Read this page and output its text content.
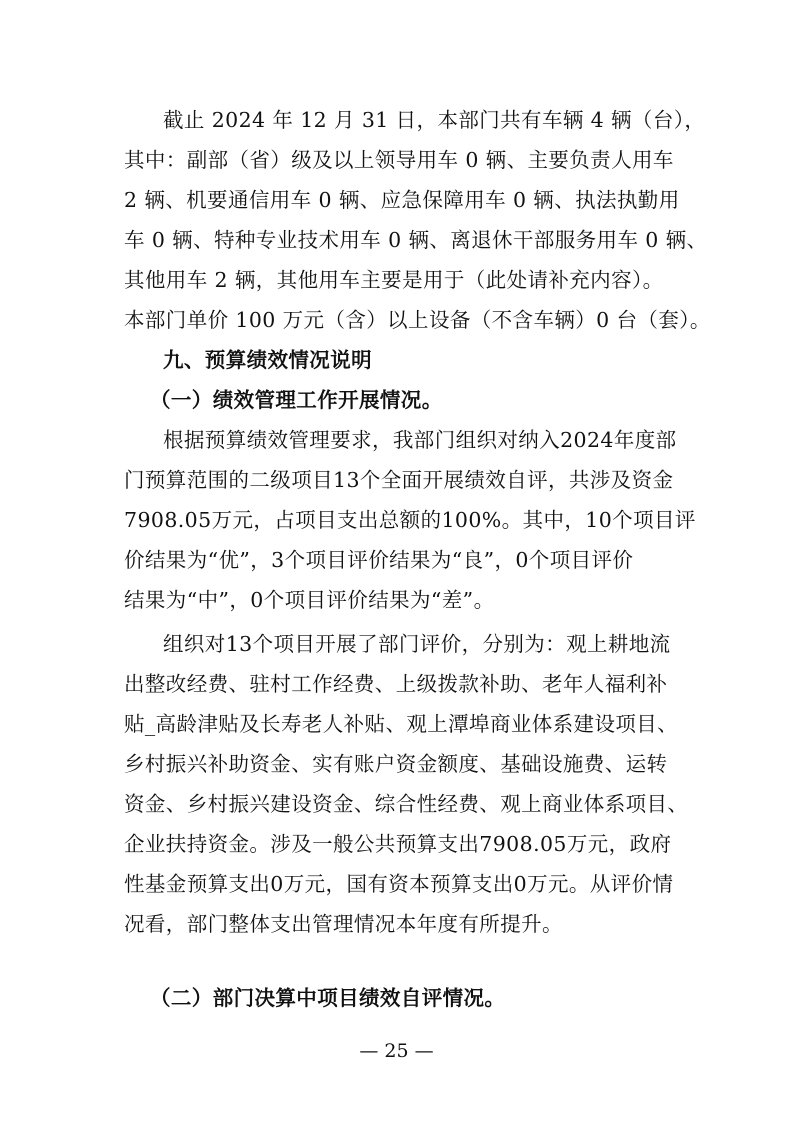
截止 2024 年 12 月 31 日，本部门共有车辆 4 辆（台），
其中：副部（省）级及以上领导用车 0 辆、主要负责人用车
2 辆、机要通信用车 0 辆、应急保障用车 0 辆、执法执勤用
车 0 辆、特种专业技术用车 0 辆、离退休干部服务用车 0 辆、
其他用车 2 辆，其他用车主要是用于（此处请补充内容）。
本部门单价 100 万元（含）以上设备（不含车辆）0 台（套）。
九、预算绩效情况说明
（一）绩效管理工作开展情况。
根据预算绩效管理要求，我部门组织对纳入2024年度部
门预算范围的二级项目13个全面开展绩效自评，共涉及资金
7908.05万元，占项目支出总额的100%。其中，10个项目评
价结果为“优”，3个项目评价结果为“良”，0个项目评价
结果为“中”，0个项目评价结果为“差”。
组织对13个项目开展了部门评价，分别为：观上耕地流
出整改经费、驻村工作经费、上级拨款补助、老年人福利补
贴_高龄津贴及长寿老人补贴、观上潭埠商业体系建设项目、
乡村振兴补助资金、实有账户资金额度、基础设施费、运转
资金、乡村振兴建设资金、综合性经费、观上商业体系项目、
企业扶持资金。涉及一般公共预算支出7908.05万元，政府
性基金预算支出0万元，国有资本预算支出0万元。从评价情
况看，部门整体支出管理情况本年度有所提升。
（二）部门决算中项目绩效自评情况。
— 25 —
